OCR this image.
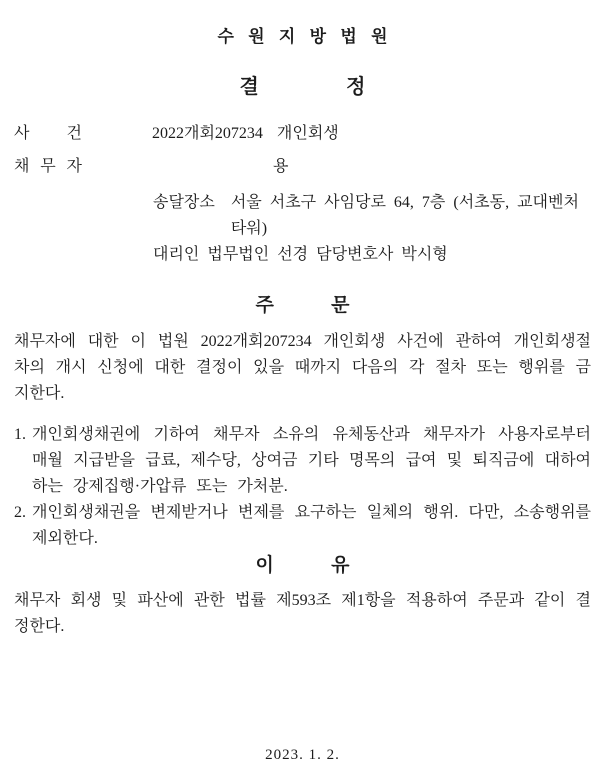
수 원 지 방 법 원
결 정
사 건	2022개회207234  개인회생
채 무 자	용
송달장소 서울 서초구 사임당로 64, 7층 (서초동, 교대벤처타워)
대리인 법무법인 선경 담당변호사 박시형
주 문

채무자에 대한 이 법원 2022개회207234 개인회생 사건에 관하여 개인회생절차의 개시 신청에 대한 결정이 있을 때까지 다음의 각 절차 또는 행위를 금지한다.

1. 개인회생채권에 기하여 채무자 소유의 유체동산과 채무자가 사용자로부터 매월 지급받을 급료, 제수당, 상여금 기타 명목의 급여 및 퇴직금에 대하여 하는 강제집행·가압류 또는 가처분.
2. 개인회생채권을 변제받거나 변제를 요구하는 일체의 행위. 다만, 소송행위를 제외한다.
이 유

채무자 회생 및 파산에 관한 법률 제593조 제1항을 적용하여 주문과 같이 결정한다.

2023. 1. 2.
